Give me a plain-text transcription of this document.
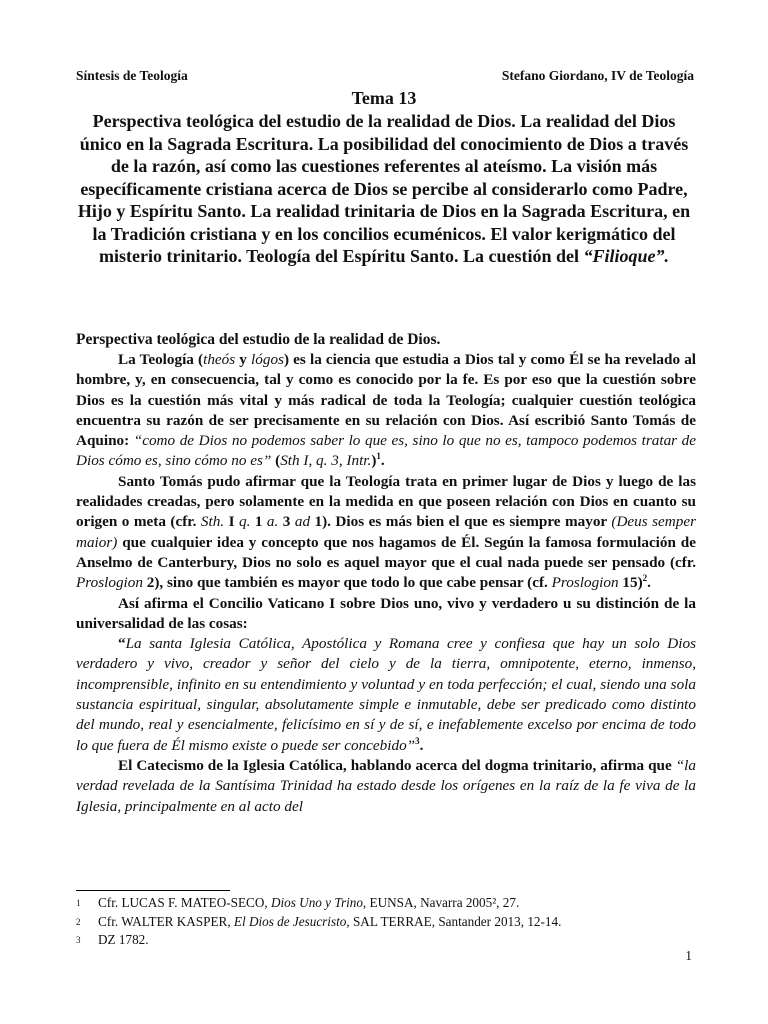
Síntesis de Teología	Stefano Giordano, IV de Teología
Tema 13
Perspectiva teológica del estudio de la realidad de Dios. La realidad del Dios único en la Sagrada Escritura. La posibilidad del conocimiento de Dios a través de la razón, así como las cuestiones referentes al ateísmo. La visión más específicamente cristiana acerca de Dios se percibe al considerarlo como Padre, Hijo y Espíritu Santo. La realidad trinitaria de Dios en la Sagrada Escritura, en la Tradición cristiana y en los concilios ecuménicos. El valor kerigmático del misterio trinitario. Teología del Espíritu Santo. La cuestión del “Filioque”.
Perspectiva teológica del estudio de la realidad de Dios.

La Teología (theós y lógos) es la ciencia que estudia a Dios tal y como Él se ha revelado al hombre, y, en consecuencia, tal y como es conocido por la fe. Es por eso que la cuestión sobre Dios es la cuestión más vital y más radical de toda la Teología; cualquier cuestión teológica encuentra su razón de ser precisamente en su relación con Dios. Así escribió Santo Tomás de Aquino: “como de Dios no podemos saber lo que es, sino lo que no es, tampoco podemos tratar de Dios cómo es, sino cómo no es” (Sth I, q. 3, Intr.)$^1$.

Santo Tomás pudo afirmar que la Teología trata en primer lugar de Dios y luego de las realidades creadas, pero solamente en la medida en que poseen relación con Dios en cuanto su origen o meta (cfr. Sth. I q. 1 a. 3 ad 1). Dios es más bien el que es siempre mayor (Deus semper maior) que cualquier idea y concepto que nos hagamos de Él. Según la famosa formulación de Anselmo de Canterbury, Dios no solo es aquel mayor que el cual nada puede ser pensado (cfr. Proslogion 2), sino que también es mayor que todo lo que cabe pensar (cf. Proslogion 15)$^2$.

Así afirma el Concilio Vaticano I sobre Dios uno, vivo y verdadero u su distinción de la universalidad de las cosas:

“La santa Iglesia Católica, Apostólica y Romana cree y confiesa que hay un solo Dios verdadero y vivo, creador y señor del cielo y de la tierra, omnipotente, eterno, inmenso, incomprensible, infinito en su entendimiento y voluntad y en toda perfección; el cual, siendo una sola sustancia espiritual, singular, absolutamente simple e inmutable, debe ser predicado como distinto del mundo, real y esencialmente, felicísimo en sí y de sí, e inefablemente excelso por encima de todo lo que fuera de Él mismo existe o puede ser concebido”$^3$.

El Catecismo de la Iglesia Católica, hablando acerca del dogma trinitario, afirma que “la verdad revelada de la Santísima Trinidad ha estado desde los orígenes en la raíz de la fe viva de la Iglesia, principalmente en al acto del

1	Cfr. LUCAS F. MATEO-SECO, Dios Uno y Trino, EUNSA, Navarra 2005², 27.
2	Cfr. WALTER KASPER, El Dios de Jesucristo, SAL TERRAE, Santander 2013, 12-14.
3	DZ 1782.
1
